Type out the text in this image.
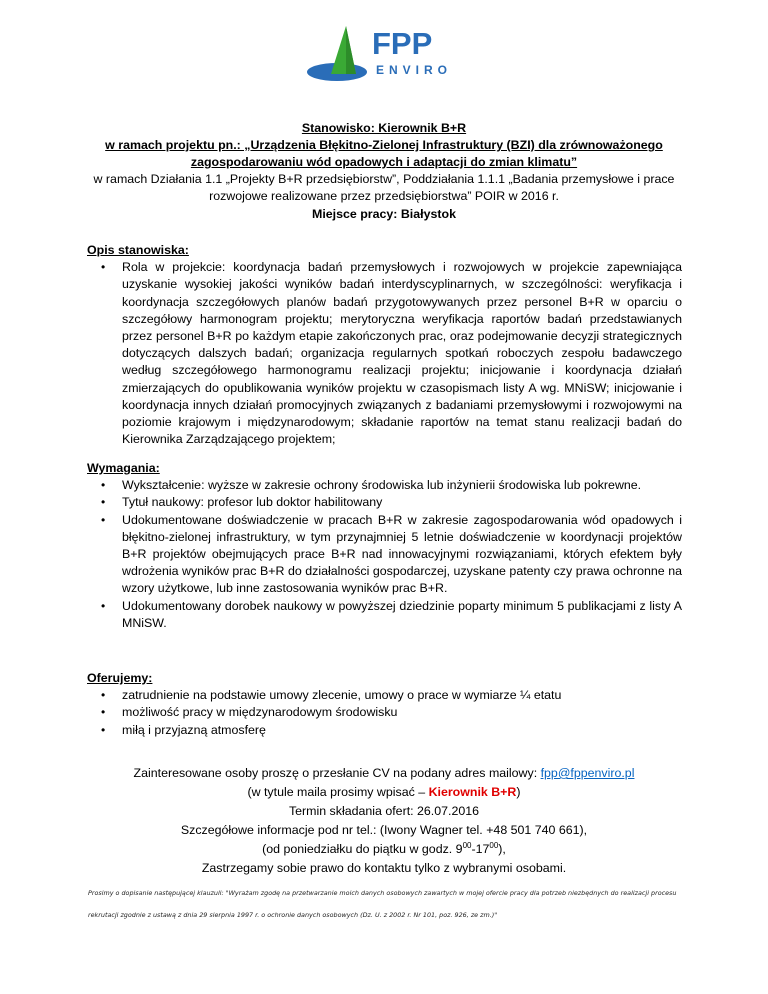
FPP
ENVIRO
Stanowisko: Kierownik B+R
w ramach projektu pn.: „Urządzenia Błękitno-Zielonej Infrastruktury (BZI) dla zrównoważonego zagospodarowaniu wód opadowych i adaptacji do zmian klimatu”
w ramach Działania 1.1 „Projekty B+R przedsiębiorstw”, Poddziałania 1.1.1 „Badania przemysłowe i prace rozwojowe realizowane przez przedsiębiorstwa” POIR w 2016 r.
Miejsce pracy: Białystok
Opis stanowiska:
• Rola w projekcie: koordynacja badań przemysłowych i rozwojowych w projekcie zapewniająca uzyskanie wysokiej jakości wyników badań interdyscyplinarnych, w szczególności: weryfikacja i koordynacja szczegółowych planów badań przygotowywanych przez personel B+R w oparciu o szczegółowy harmonogram projektu; merytoryczna weryfikacja raportów badań przedstawianych przez personel B+R po każdym etapie zakończonych prac, oraz podejmowanie decyzji strategicznych dotyczących dalszych badań; organizacja regularnych spotkań roboczych zespołu badawczego według szczegółowego harmonogramu realizacji projektu; inicjowanie i koordynacja działań zmierzających do opublikowania wyników projektu w czasopismach listy A wg. MNiSW; inicjowanie i koordynacja innych działań promocyjnych związanych z badaniami przemysłowymi i rozwojowymi na poziomie krajowym i międzynarodowym; składanie raportów na temat stanu realizacji badań do Kierownika Zarządzającego projektem;
Wymagania:
• Wykształcenie: wyższe w zakresie ochrony środowiska lub inżynierii środowiska lub pokrewne.
• Tytuł naukowy: profesor lub doktor habilitowany
• Udokumentowane doświadczenie w pracach B+R w zakresie zagospodarowania wód opadowych i błękitno-zielonej infrastruktury, w tym przynajmniej 5 letnie doświadczenie w koordynacji projektów B+R projektów obejmujących prace B+R nad innowacyjnymi rozwiązaniami, których efektem były wdrożenia wyników prac B+R do działalności gospodarczej, uzyskane patenty czy prawa ochronne na wzory użytkowe, lub inne zastosowania wyników prac B+R.
• Udokumentowany dorobek naukowy w powyższej dziedzinie poparty minimum 5 publikacjami z listy A MNiSW.
Oferujemy:
• zatrudnienie na podstawie umowy zlecenie, umowy o prace w wymiarze ¼ etatu
• możliwość pracy w międzynarodowym środowisku
• miłą i przyjazną atmosferę
Zainteresowane osoby proszę o przesłanie CV na podany adres mailowy: fpp@fppenviro.pl
(w tytule maila prosimy wpisać – Kierownik B+R)
Termin składania ofert: 26.07.2016
Szczegółowe informacje pod nr tel.: (Iwony Wagner tel. +48 501 740 661),
(od poniedziałku do piątku w godz. $9^{00}-17^{00}$),
Zastrzegamy sobie prawo do kontaktu tylko z wybranymi osobami.
Prosimy o dopisanie następującej klauzuli: "Wyrażam zgodę na przetwarzanie moich danych osobowych zawartych w mojej ofercie pracy dla potrzeb niezbędnych do realizacji procesu rekrutacji zgodnie z ustawą z dnia 29 sierpnia 1997 r. o ochronie danych osobowych (Dz. U. z 2002 r. Nr 101, poz. 926, ze zm.)"
